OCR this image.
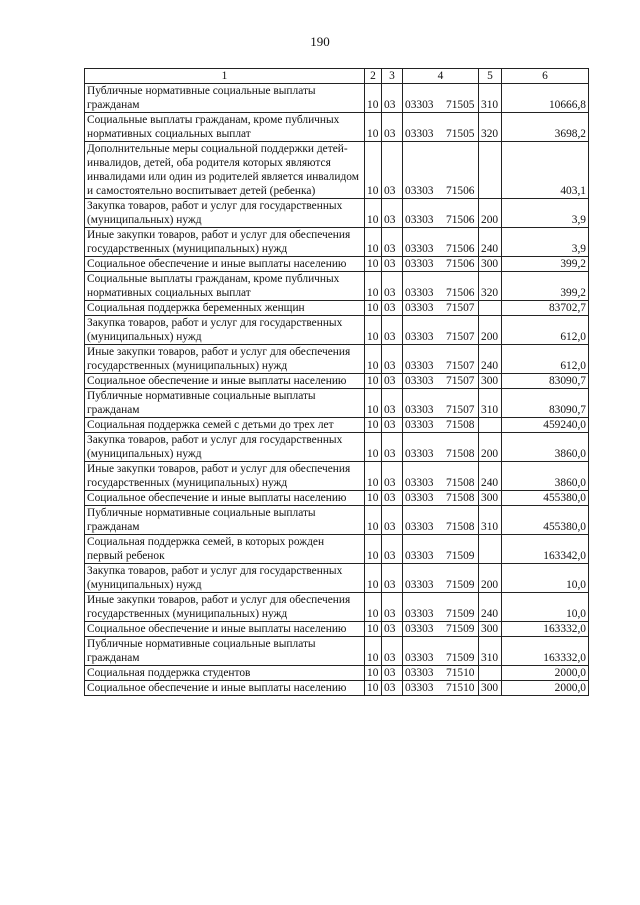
190
1	2	3	4	5	6
Публичные нормативные социальные выплаты гражданам	10	03	03303 71505	310	10666,8
Социальные выплаты гражданам, кроме публичных нормативных социальных выплат	10	03	03303 71505	320	3698,2
Дополнительные меры социальной поддержки детей-инвалидов, детей, оба родителя которых являются инвалидами или один из родителей является инвалидом и самостоятельно воспитывает детей (ребенка)	10	03	03303 71506		403,1
Закупка товаров, работ и услуг для государственных (муниципальных) нужд	10	03	03303 71506	200	3,9
Иные закупки товаров, работ и услуг для обеспечения государственных (муниципальных) нужд	10	03	03303 71506	240	3,9
Социальное обеспечение и иные выплаты населению	10	03	03303 71506	300	399,2
Социальные выплаты гражданам, кроме публичных нормативных социальных выплат	10	03	03303 71506	320	399,2
Социальная поддержка беременных женщин	10	03	03303 71507		83702,7
Закупка товаров, работ и услуг для государственных (муниципальных) нужд	10	03	03303 71507	200	612,0
Иные закупки товаров, работ и услуг для обеспечения государственных (муниципальных) нужд	10	03	03303 71507	240	612,0
Социальное обеспечение и иные выплаты населению	10	03	03303 71507	300	83090,7
Публичные нормативные социальные выплаты гражданам	10	03	03303 71507	310	83090,7
Социальная поддержка семей с детьми до трех лет	10	03	03303 71508		459240,0
Закупка товаров, работ и услуг для государственных (муниципальных) нужд	10	03	03303 71508	200	3860,0
Иные закупки товаров, работ и услуг для обеспечения государственных (муниципальных) нужд	10	03	03303 71508	240	3860,0
Социальное обеспечение и иные выплаты населению	10	03	03303 71508	300	455380,0
Публичные нормативные социальные выплаты гражданам	10	03	03303 71508	310	455380,0
Социальная поддержка семей, в которых рожден первый ребенок	10	03	03303 71509		163342,0
Закупка товаров, работ и услуг для государственных (муниципальных) нужд	10	03	03303 71509	200	10,0
Иные закупки товаров, работ и услуг для обеспечения государственных (муниципальных) нужд	10	03	03303 71509	240	10,0
Социальное обеспечение и иные выплаты населению	10	03	03303 71509	300	163332,0
Публичные нормативные социальные выплаты гражданам	10	03	03303 71509	310	163332,0
Социальная поддержка студентов	10	03	03303 71510		2000,0
Социальное обеспечение и иные выплаты населению	10	03	03303 71510	300	2000,0
